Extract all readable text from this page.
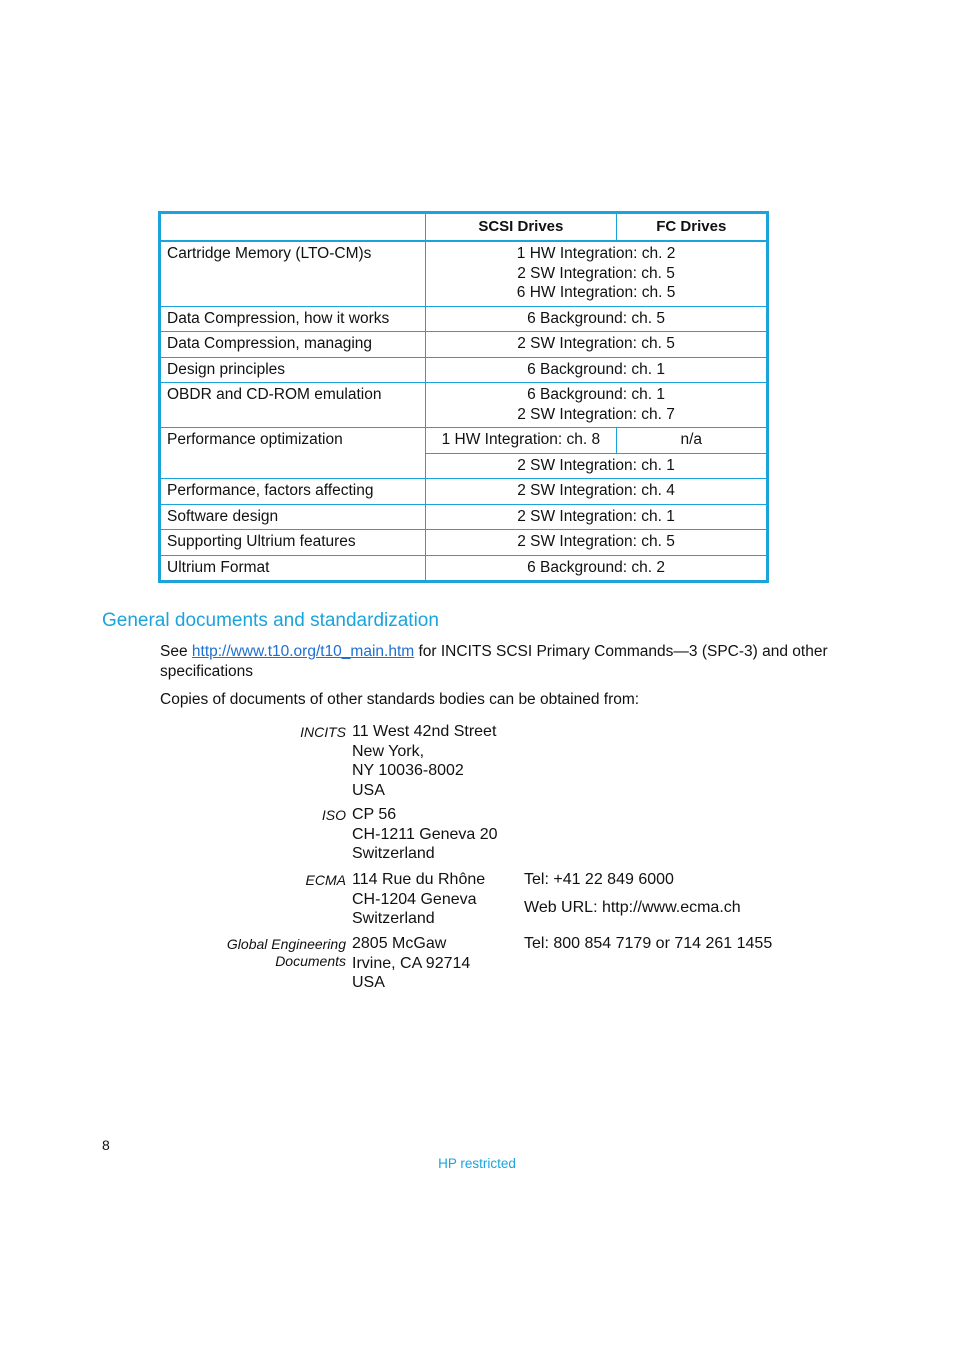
	SCSI Drives	FC Drives

Cartridge Memory (LTO-CM)s	1 HW Integration: ch. 2
2 SW Integration: ch. 5
6 HW Integration: ch. 5	

Data Compression, how it works	6 Background: ch. 5	

Data Compression, managing	2 SW Integration: ch. 5	

Design principles	6 Background: ch. 1	

OBDR and CD-ROM emulation	6 Background: ch. 1
2 SW Integration: ch. 7	

Performance optimization	1 HW Integration: ch. 8	n/a

	2 SW Integration: ch. 1	

Performance, factors affecting	2 SW Integration: ch. 4	

Software design	2 SW Integration: ch. 1	

Supporting Ultrium features	2 SW Integration: ch. 5	

Ultrium Format	6 Background: ch. 2	
General documents and standardization

See http://www.t10.org/t10_main.htm for INCITS SCSI Primary Commands—3 (SPC-3) and other specifications

Copies of documents of other standards bodies can be obtained from:

INCITS 11 West 42nd Street
New York,
NY 10036-8002
USA
ISO CP 56
CH-1211 Geneva 20
Switzerland
ECMA 114 Rue du Rhône
CH-1204 Geneva
Switzerland
Tel: +41 22 849 6000
Web URL: http://www.ecma.ch
Global Engineering Documents
2805 McGaw
Irvine, CA 92714
USA
Tel: 800 854 7179 or 714 261 1455
8
HP restricted
